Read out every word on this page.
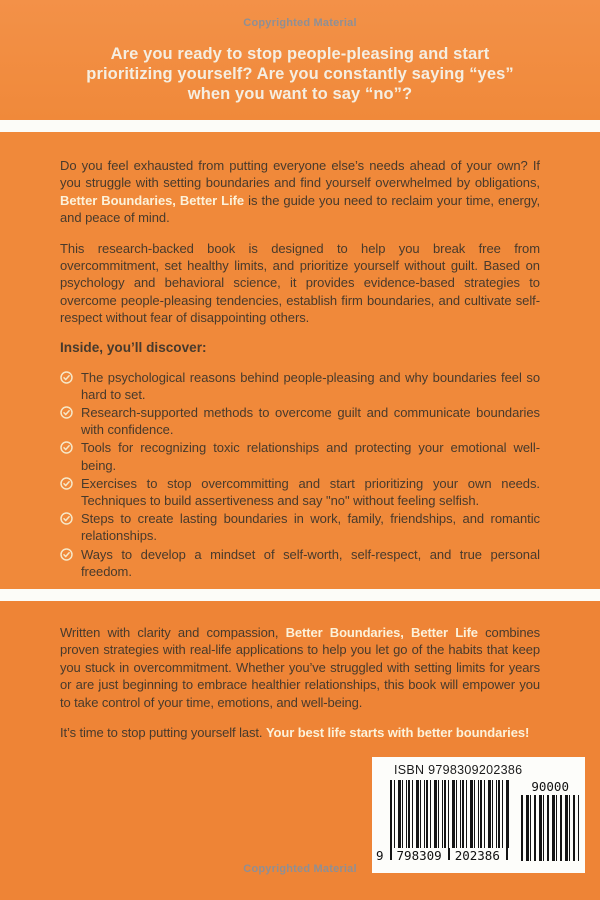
Copyrighted Material
Are you ready to stop people-pleasing and start
prioritizing yourself? Are you constantly saying “yes”
when you want to say “no”?

Do you feel exhausted from putting everyone else’s needs ahead of your own? If you struggle with setting boundaries and find yourself overwhelmed by obligations, Better Boundaries, Better Life is the guide you need to reclaim your time, energy, and peace of mind.

This research-backed book is designed to help you break free from overcommitment, set healthy limits, and prioritize yourself without guilt. Based on psychology and behavioral science, it provides evidence-based strategies to overcome people-pleasing tendencies, establish firm boundaries, and cultivate self-respect without fear of disappointing others.

Inside, you’ll discover:

The psychological reasons behind people-pleasing and why boundaries feel so hard to set.
Research-supported methods to overcome guilt and communicate boundaries with confidence.
Tools for recognizing toxic relationships and protecting your emotional well-being.
Exercises to stop overcommitting and start prioritizing your own needs. Techniques to build assertiveness and say "no" without feeling selfish.
Steps to create lasting boundaries in work, family, friendships, and romantic relationships.
Ways to develop a mindset of self-worth, self-respect, and true personal freedom.

Written with clarity and compassion, Better Boundaries, Better Life combines proven strategies with real-life applications to help you let go of the habits that keep you stuck in overcommitment. Whether you’ve struggled with setting limits for years or are just beginning to embrace healthier relationships, this book will empower you to take control of your time, emotions, and well-being.

It’s time to stop putting yourself last. Your best life starts with better boundaries!

ISBN 9798309202386
9 798309 202386
90000
Copyrighted Material
